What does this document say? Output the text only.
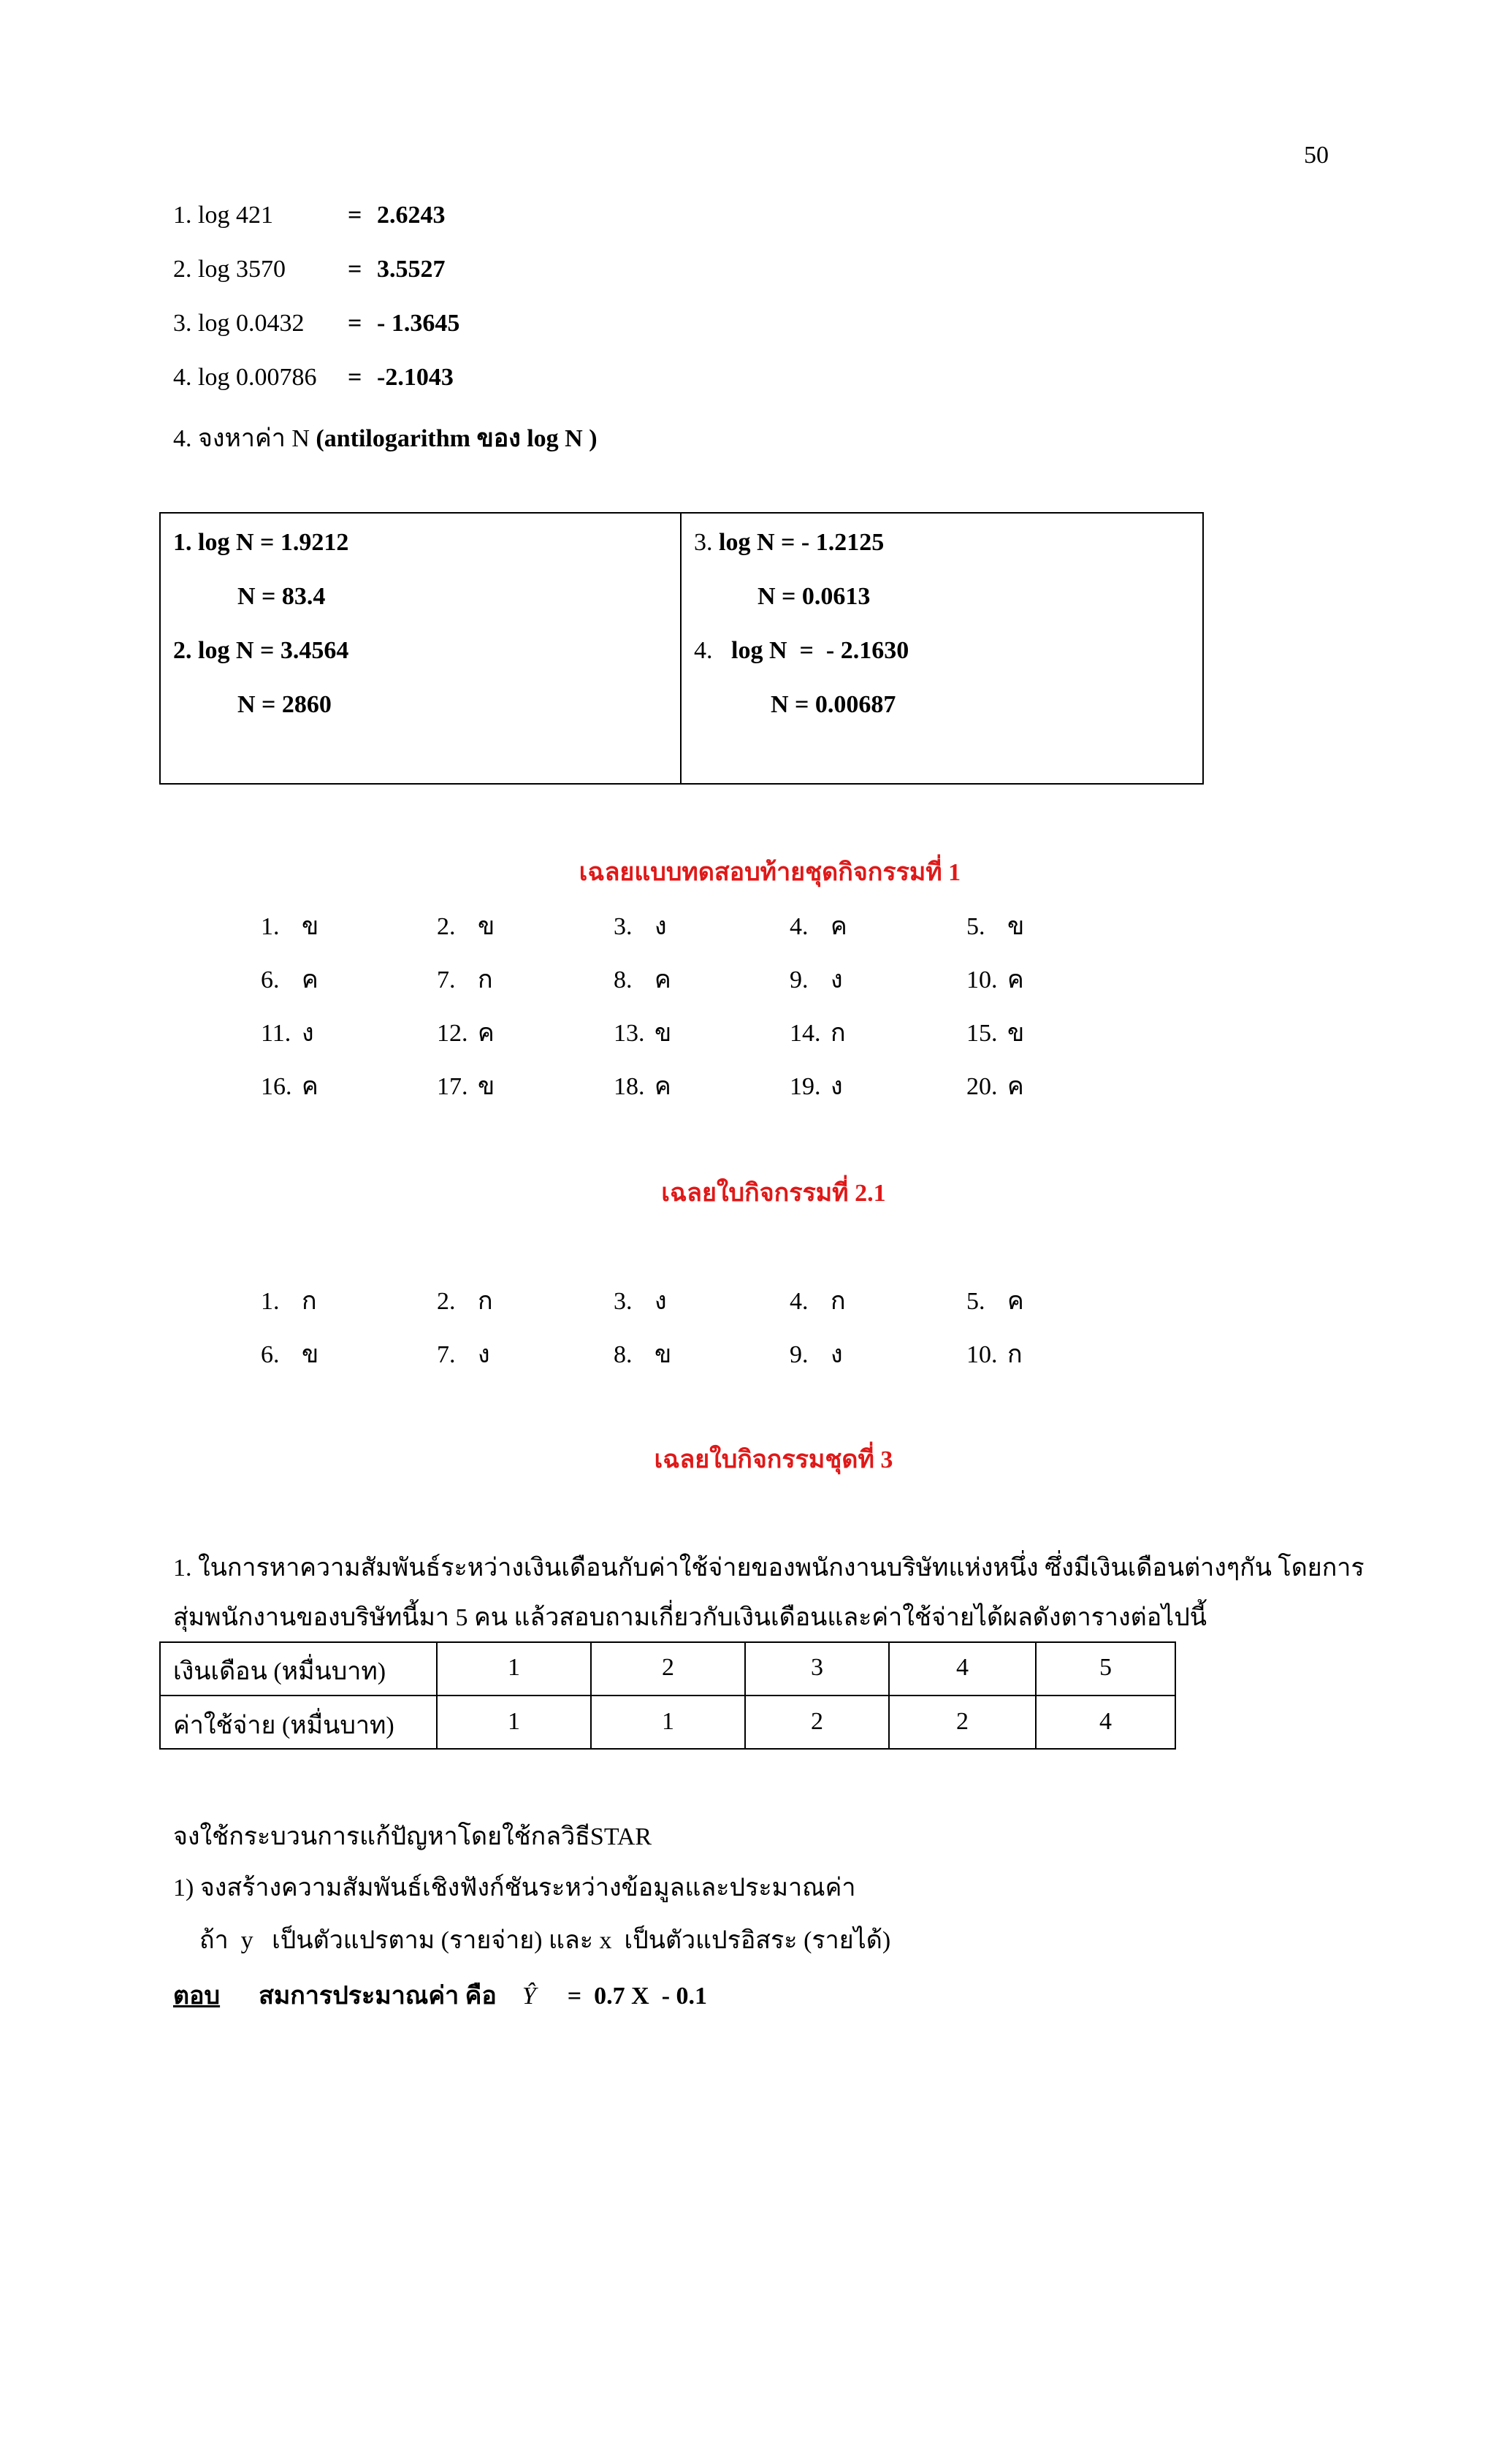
50
1. log 421	= 2.6243
2. log 3570	= 3.5527
3. log 0.0432 = - 1.3645
4. log 0.00786 = -2.1043
4. จงหาค่า N (antilogarithm ของ log N )
1. log N = 1.9212
N = 83.4
2. log N = 3.4564
N = 2860
3. log N = - 1.2125
N = 0.0613
4.   log N  =  - 2.1630
N = 0.00687
เฉลยแบบทดสอบท้ายชุดกิจกรรมที่ 1
1. ข	2. ข	3. ง	4. ค	5. ข
6. ค	7. ก	8. ค	9. ง	10. ค
11. ง	12. ค	13. ข	14. ก	15. ข
16. ค	17. ข	18. ค	19. ง	20. ค
เฉลยใบกิจกรรมที่ 2.1
1. ก	2. ก	3. ง	4. ก	5. ค
6. ข	7. ง	8. ข	9. ง	10. ก
เฉลยใบกิจกรรมชุดที่ 3
1. ในการหาความสัมพันธ์ระหว่างเงินเดือนกับค่าใช้จ่ายของพนักงานบริษัทแห่งหนึ่ง ซึ่งมีเงินเดือนต่างๆกัน โดยการ
สุ่มพนักงานของบริษัทนี้มา 5 คน แล้วสอบถามเกี่ยวกับเงินเดือนและค่าใช้จ่ายได้ผลดังตารางต่อไปนี้
เงินเดือน (หมื่นบาท)	1	2	3	4	5
ค่าใช้จ่าย (หมื่นบาท)	1	1	2	2	4
จงใช้กระบวนการแก้ปัญหาโดยใช้กลวิธีSTAR
1) จงสร้างความสัมพันธ์เชิงฟังก์ชันระหว่างข้อมูลและประมาณค่า
ถ้า  y   เป็นตัวแปรตาม (รายจ่าย) และ x  เป็นตัวแปรอิสระ (รายได้)
ตอบ สมการประมาณค่า คือ Ŷ =  0.7 X  - 0.1
